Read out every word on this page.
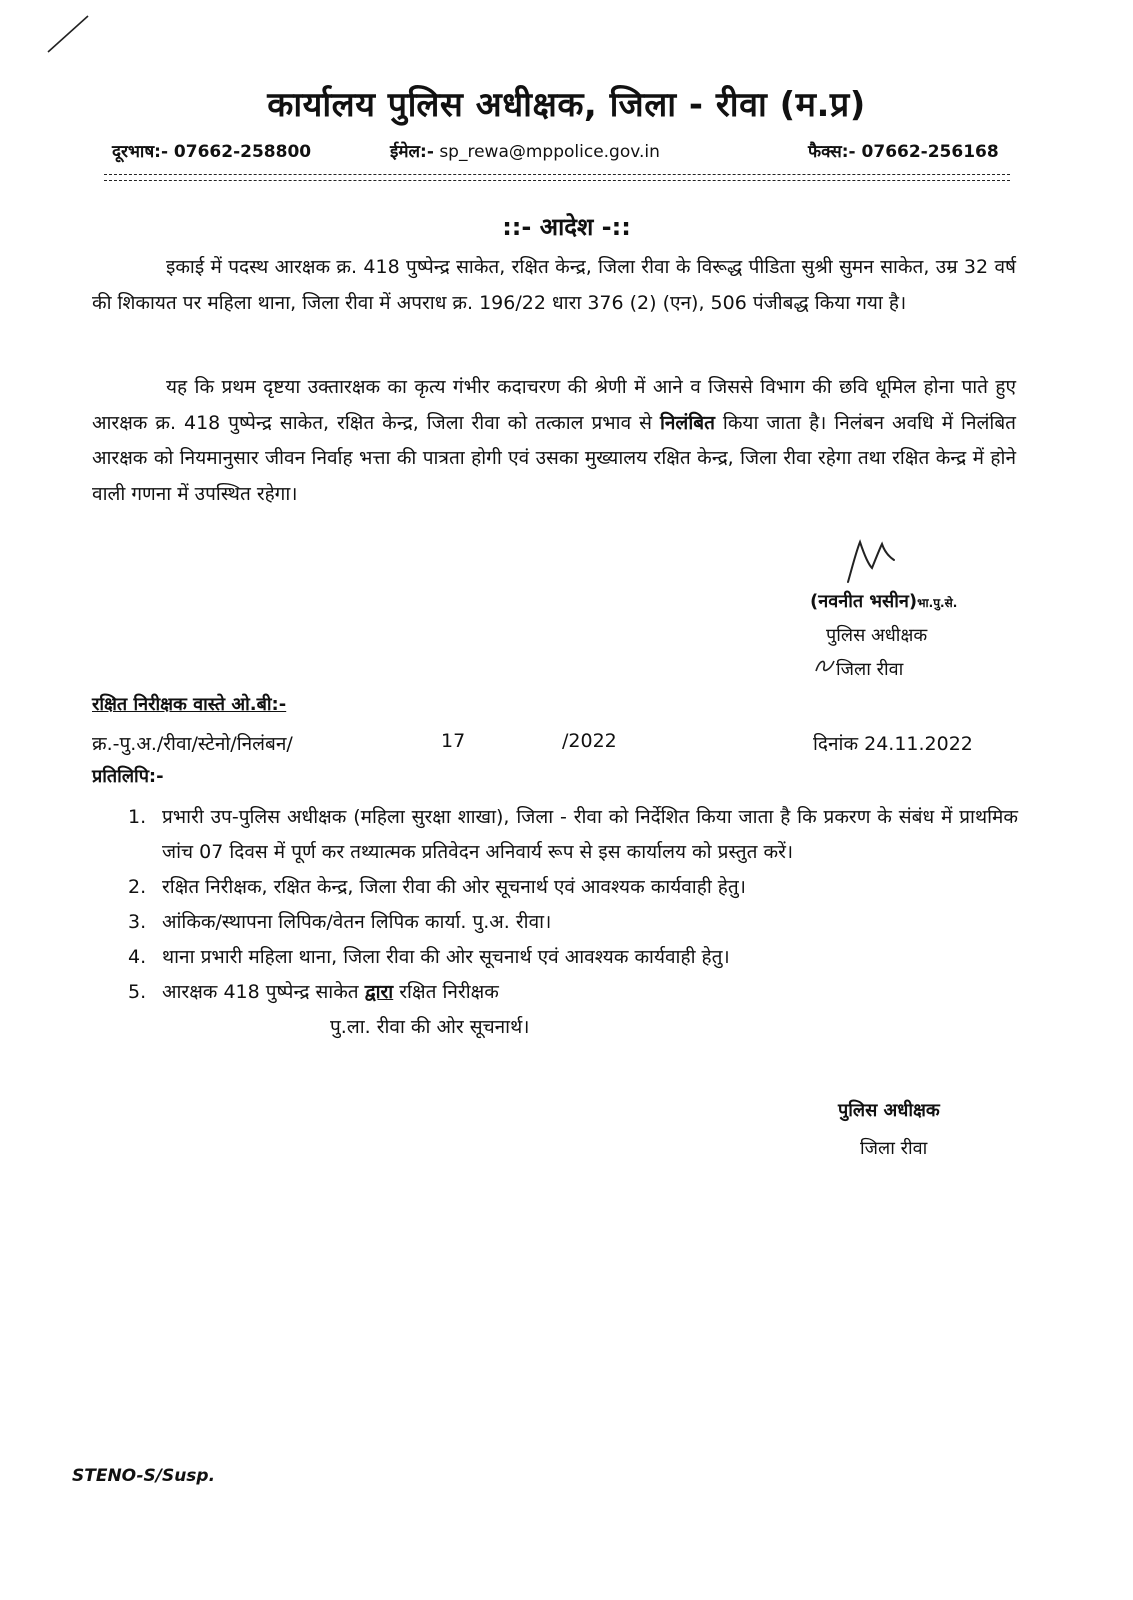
कार्यालय पुलिस अधीक्षक, जिला - रीवा (म.प्र)
दूरभाष:- 07662-258800	ईमेल:- sp_rewa@mppolice.gov.in	फैक्स:- 07662-256168
::- आदेश -::
इकाई में पदस्थ आरक्षक क्र. 418 पुष्पेन्द्र साकेत, रक्षित केन्द्र, जिला रीवा के विरूद्ध पीडिता सुश्री सुमन साकेत, उम्र 32 वर्ष की शिकायत पर महिला थाना, जिला रीवा में अपराध क्र. 196/22 धारा 376 (2) (एन), 506 पंजीबद्ध किया गया है।
यह कि प्रथम दृष्टया उक्तारक्षक का कृत्य गंभीर कदाचरण की श्रेणी में आने व जिससे विभाग की छवि धूमिल होना पाते हुए आरक्षक क्र. 418 पुष्पेन्द्र साकेत, रक्षित केन्द्र, जिला रीवा को तत्काल प्रभाव से निलंबित किया जाता है। निलंबन अवधि में निलंबित आरक्षक को नियमानुसार जीवन निर्वाह भत्ता की पात्रता होगी एवं उसका मुख्यालय रक्षित केन्द्र, जिला रीवा रहेगा तथा रक्षित केन्द्र में होने वाली गणना में उपस्थित रहेगा।
(नवनीत भसीन)भा.पु.से.
पुलिस अधीक्षक
जिला रीवा
रक्षित निरीक्षक वास्ते ओ.बी:-
क्र.-पु.अ./रीवा/स्टेनो/निलंबन/	17	/2022	दिनांक 24.11.2022
प्रतिलिपि:-
1. प्रभारी उप-पुलिस अधीक्षक (महिला सुरक्षा शाखा), जिला - रीवा को निर्देशित किया जाता है कि प्रकरण के संबंध में प्राथमिक जांच 07 दिवस में पूर्ण कर तथ्यात्मक प्रतिवेदन अनिवार्य रूप से इस कार्यालय को प्रस्तुत करें।
2. रक्षित निरीक्षक, रक्षित केन्द्र, जिला रीवा की ओर सूचनार्थ एवं आवश्यक कार्यवाही हेतु।
3. आंकिक/स्थापना लिपिक/वेतन लिपिक कार्या. पु.अ. रीवा।
4. थाना प्रभारी महिला थाना, जिला रीवा की ओर सूचनार्थ एवं आवश्यक कार्यवाही हेतु।
5. आरक्षक 418 पुष्पेन्द्र साकेत द्वारा रक्षित निरीक्षक
पु.ला. रीवा की ओर सूचनार्थ।
पुलिस अधीक्षक
जिला रीवा
STENO-S/Susp.
